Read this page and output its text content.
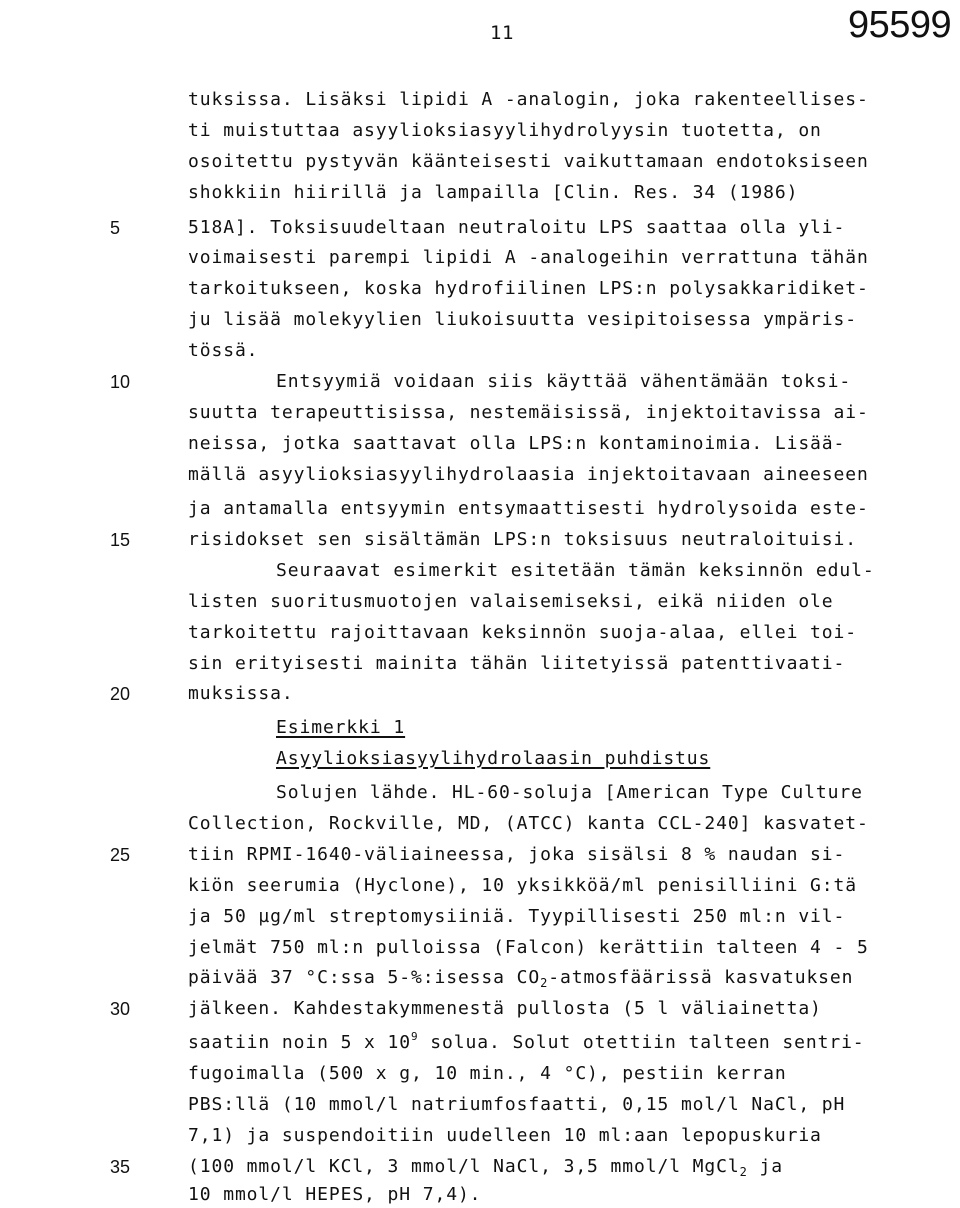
11	95599
5
10
15
20
25
30
35
tuksissa. Lisäksi lipidi A -analogin, joka rakenteellises-
ti muistuttaa asyylioksiasyylihydrolyysin tuotetta, on
osoitettu pystyvän käänteisesti vaikuttamaan endotoksiseen
shokkiin hiirillä ja lampailla [Clin. Res. 34 (1986)
518A]. Toksisuudeltaan neutraloitu LPS saattaa olla yli-
voimaisesti parempi lipidi A -analogeihin verrattuna tähän
tarkoitukseen, koska hydrofiilinen LPS:n polysakkaridiket-
ju lisää molekyylien liukoisuutta vesipitoisessa ympäris-
tössä.
Entsyymiä voidaan siis käyttää vähentämään toksi-
suutta terapeuttisissa, nestemäisissä, injektoitavissa ai-
neissa, jotka saattavat olla LPS:n kontaminoimia. Lisää-
mällä asyylioksiasyylihydrolaasia injektoitavaan aineeseen
ja antamalla entsyymin entsymaattisesti hydrolysoida este-
risidokset sen sisältämän LPS:n toksisuus neutraloituisi.
Seuraavat esimerkit esitetään tämän keksinnön edul-
listen suoritusmuotojen valaisemiseksi, eikä niiden ole
tarkoitettu rajoittavaan keksinnön suoja-alaa, ellei toi-
sin erityisesti mainita tähän liitetyissä patenttivaati-
muksissa.
Esimerkki 1
Asyylioksiasyylihydrolaasin puhdistus
Solujen lähde. HL-60-soluja [American Type Culture
Collection, Rockville, MD, (ATCC) kanta CCL-240] kasvatet-
tiin RPMI-1640-väliaineessa, joka sisälsi 8 % naudan si-
kiön seerumia (Hyclone), 10 yksikköä/ml penisilliini G:tä
ja 50 µg/ml streptomysiiniä. Tyypillisesti 250 ml:n vil-
jelmät 750 ml:n pulloissa (Falcon) kerättiin talteen 4 - 5
päivää 37 °C:ssa 5-%:isessa $CO_2$-atmosfäärissä kasvatuksen
jälkeen. Kahdestakymmenestä pullosta (5 l väliainetta)
saatiin noin 5 x $10^9$ solua. Solut otettiin talteen sentri-
fugoimalla (500 x g, 10 min., 4 °C), pestiin kerran
PBS:llä (10 mmol/l natriumfosfaatti, 0,15 mol/l NaCl, pH
7,1) ja suspendoitiin uudelleen 10 ml:aan lepopuskuria
(100 mmol/l KCl, 3 mmol/l NaCl, 3,5 mmol/l MgCl$_2$ ja
10 mmol/l HEPES, pH 7,4).
